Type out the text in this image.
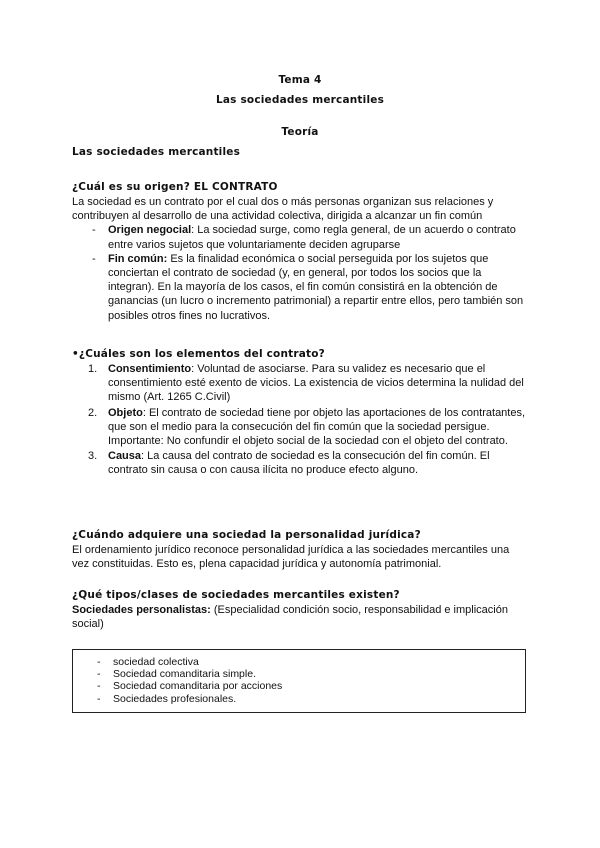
Tema 4
Las sociedades mercantiles
Teoría
Las sociedades mercantiles
¿Cuál es su origen? EL CONTRATO
La sociedad es un contrato por el cual dos o más personas organizan sus relaciones y contribuyen al desarrollo de una actividad colectiva, dirigida a alcanzar un fin común
- Origen negocial: La sociedad surge, como regla general, de un acuerdo o contrato entre varios sujetos que voluntariamente deciden agruparse
- Fin común: Es la finalidad económica o social perseguida por los sujetos que conciertan el contrato de sociedad (y, en general, por todos los socios que la integran). En la mayoría de los casos, el fin común consistirá en la obtención de ganancias (un lucro o incremento patrimonial) a repartir entre ellos, pero también son posibles otros fines no lucrativos.
•¿Cuáles son los elementos del contrato?
1. Consentimiento: Voluntad de asociarse. Para su validez es necesario que el consentimiento esté exento de vicios. La existencia de vicios determina la nulidad del mismo (Art. 1265 C.Civil)
2. Objeto: El contrato de sociedad tiene por objeto las aportaciones de los contratantes, que son el medio para la consecución del fin común que la sociedad persigue. Importante: No confundir el objeto social de la sociedad con el objeto del contrato.
3. Causa: La causa del contrato de sociedad es la consecución del fin común. El contrato sin causa o con causa ilícita no produce efecto alguno.
¿Cuándo adquiere una sociedad la personalidad jurídica?
El ordenamiento jurídico reconoce personalidad jurídica a las sociedades mercantiles una vez constituidas. Esto es, plena capacidad jurídica y autonomía patrimonial.
¿Qué tipos/clases de sociedades mercantiles existen?
Sociedades personalistas: (Especialidad condición socio, responsabilidad e implicación social)
- sociedad colectiva
- Sociedad comanditaria simple.
- Sociedad comanditaria por acciones
- Sociedades profesionales.
